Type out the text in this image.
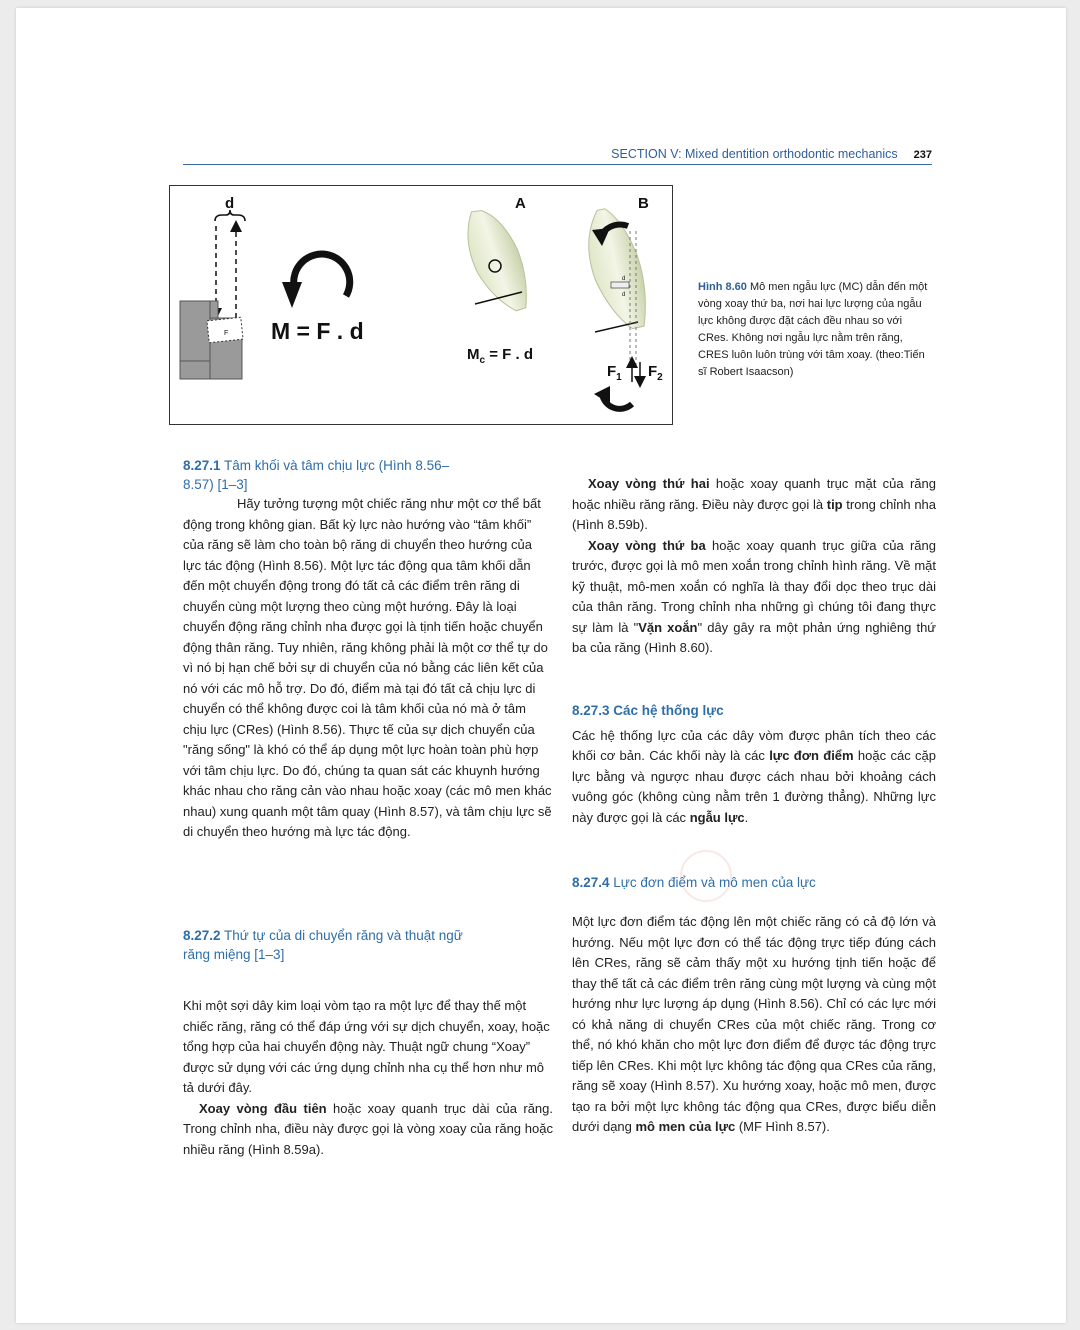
SECTION V: Mixed dentition orthodontic mechanics 237
d
F M = F . d
A
$M_c = F$ . d
B
d
d
$F_1$ $F_2$
Hình 8.60 Mô men ngẫu lực (MC) dẫn đến một vòng xoay thứ ba, nơi hai lực lượng của ngẫu lực không được đặt cách đều nhau so với CRes. Không nơi ngẫu lực nằm trên răng, CRES luôn luôn trùng với tâm xoay. (theo:Tiến sĩ Robert Isaacson)
8.27.1 Tâm khối và tâm chịu lực (Hình 8.56–8.57) [1–3]

Hãy tưởng tượng một chiếc răng như một cơ thể bất động trong không gian. Bất kỳ lực nào hướng vào “tâm khối” của răng sẽ làm cho toàn bộ răng di chuyển theo hướng của lực tác động (Hình 8.56). Một lực tác động qua tâm khối dẫn đến một chuyển động trong đó tất cả các điểm trên răng di chuyển cùng một lượng theo cùng một hướng. Đây là loại chuyển động răng chỉnh nha được gọi là tịnh tiến hoặc chuyển động thân răng. Tuy nhiên, răng không phải là một cơ thể tự do vì nó bị hạn chế bởi sự di chuyển của nó bằng các liên kết của nó với các mô hỗ trợ. Do đó, điểm mà tại đó tất cả chịu lực di chuyển có thể không được coi là tâm khối của nó mà ở tâm chịu lực (CRes) (Hình 8.56). Thực tế của sự dịch chuyển của "răng sống" là khó có thể áp dụng một lực hoàn toàn phù hợp với tâm chịu lực. Do đó, chúng ta quan sát các khuynh hướng khác nhau cho răng cản vào nhau hoặc xoay (các mô men khác nhau) xung quanh một tâm quay (Hình 8.57), và tâm chịu lực sẽ di chuyển theo hướng mà lực tác động.

8.27.2 Thứ tự của di chuyển răng và thuật ngữ răng miệng [1–3]

Khi một sợi dây kim loại vòm tạo ra một lực để thay thế một chiếc răng, răng có thể đáp ứng với sự dịch chuyển, xoay, hoặc tổng hợp của hai chuyển động này. Thuật ngữ chung “Xoay” được sử dụng với các ứng dụng chỉnh nha cụ thể hơn như mô tả dưới đây.

Xoay vòng đầu tiên hoặc xoay quanh trục dài của răng. Trong chỉnh nha, điều này được gọi là vòng xoay của răng hoặc nhiều răng (Hình 8.59a).

Xoay vòng thứ hai hoặc xoay quanh trục mặt của răng hoặc nhiều răng răng. Điều này được gọi là tip trong chỉnh nha (Hình 8.59b).

Xoay vòng thứ ba hoặc xoay quanh trục giữa của răng trước, được gọi là mô men xoắn trong chỉnh hình răng. Về mặt kỹ thuật, mô-men xoắn có nghĩa là thay đổi dọc theo trục dài của thân răng. Trong chỉnh nha những gì chúng tôi đang thực sự làm là "Vặn xoắn" dây gây ra một phản ứng nghiêng thứ ba của răng (Hình 8.60).

8.27.3 Các hệ thống lực

Các hệ thống lực của các dây vòm được phân tích theo các khối cơ bản. Các khối này là các lực đơn điểm hoặc các cặp lực bằng và ngược nhau được cách nhau bởi khoảng cách vuông góc (không cùng nằm trên 1 đường thẳng). Những lực này được gọi là các ngẫu lực.

8.27.4 Lực đơn điểm và mô men của lực

Một lực đơn điểm tác động lên một chiếc răng có cả độ lớn và hướng. Nếu một lực đơn có thể tác động trực tiếp đúng cách lên CRes, răng sẽ cảm thấy một xu hướng tịnh tiến hoặc để thay thế tất cả các điểm trên răng cùng một lượng và cùng một hướng như lực lượng áp dụng (Hình 8.56). Chỉ có các lực mới có khả năng di chuyển CRes của một chiếc răng. Trong cơ thể, nó khó khăn cho một lực đơn điểm để được tác động trực tiếp lên CRes. Khi một lực không tác động qua CRes của răng, răng sẽ xoay (Hình 8.57). Xu hướng xoay, hoặc mô men, được tạo ra bởi một lực không tác động qua CRes, được biểu diễn dưới dạng mô men của lực (MF Hình 8.57).
